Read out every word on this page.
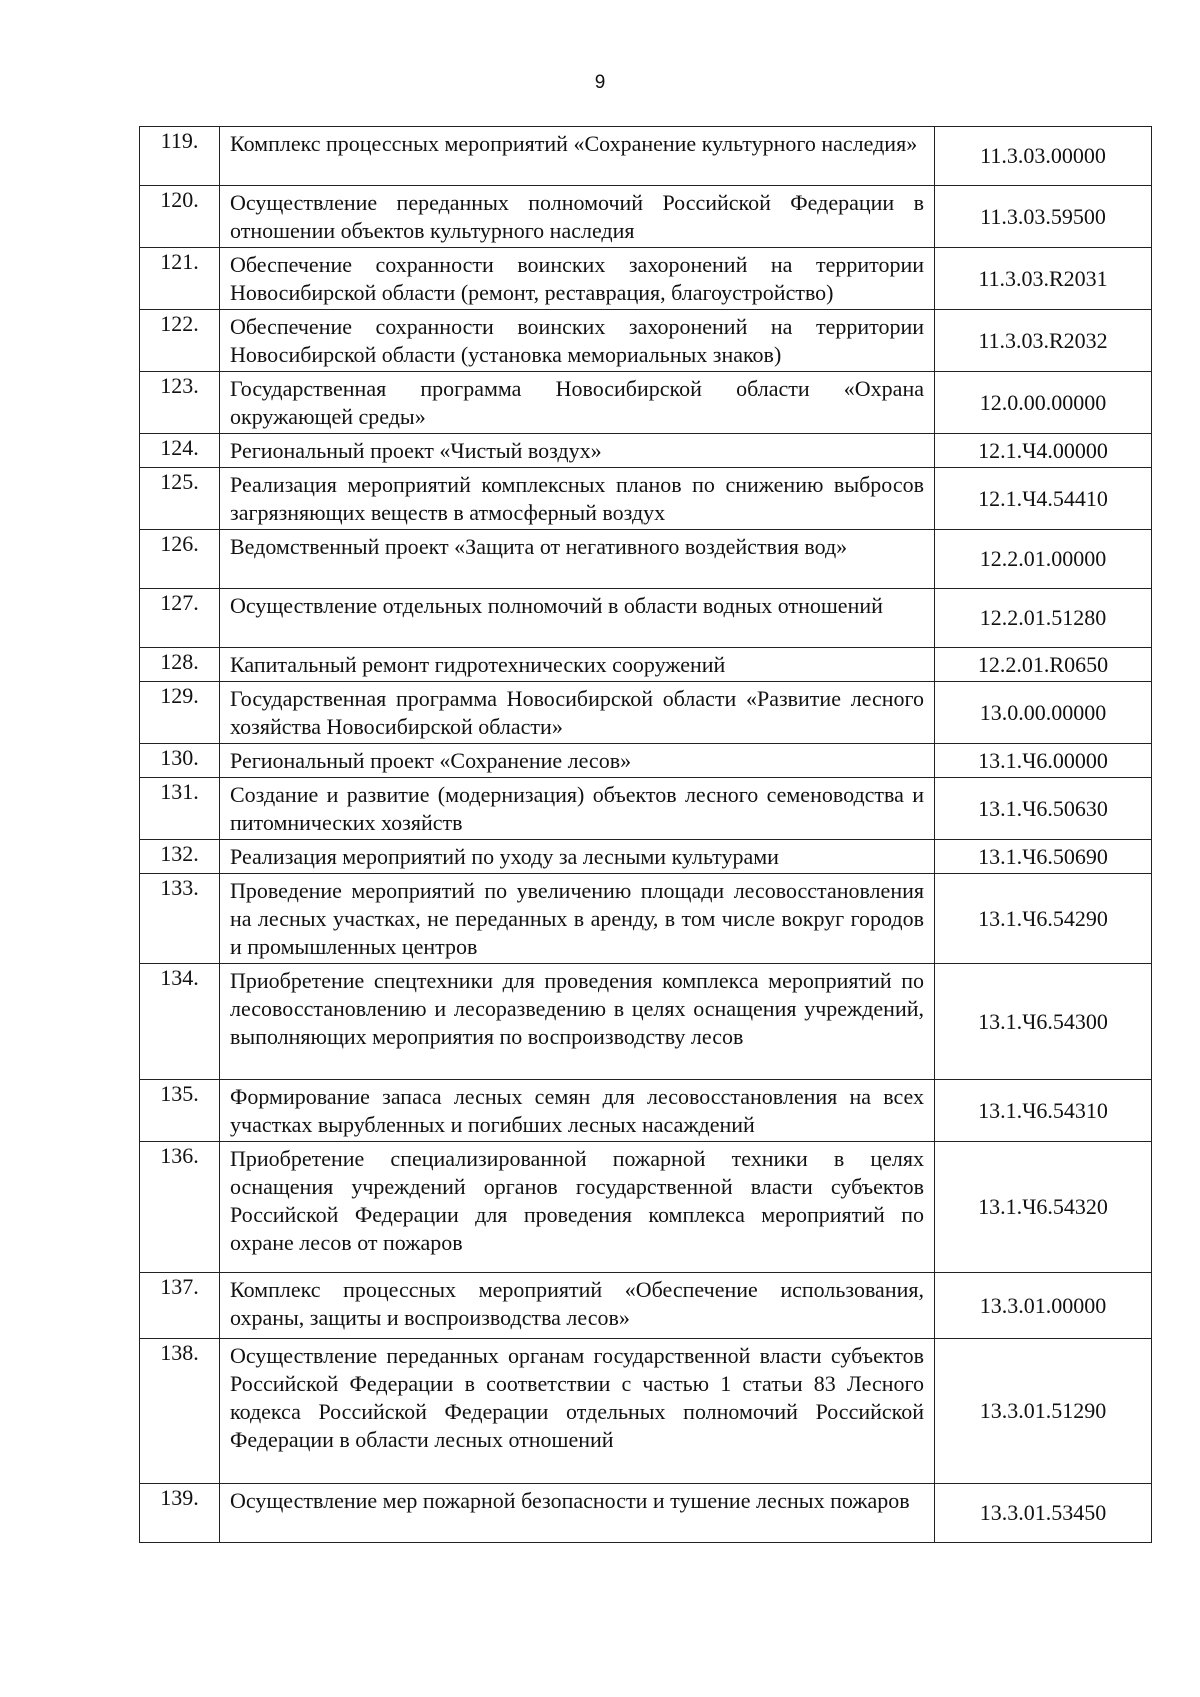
9
119.	Комплекс процессных мероприятий «Сохранение культурного наследия»	11.3.03.00000
120.	Осуществление переданных полномочий Российской Федерации в отношении объектов культурного наследия	11.3.03.59500
121.	Обеспечение сохранности воинских захоронений на территории Новосибирской области (ремонт, реставрация, благоустройство)	11.3.03.R2031
122.	Обеспечение сохранности воинских захоронений на территории Новосибирской области (установка мемориальных знаков)	11.3.03.R2032
123.	Государственная программа Новосибирской области «Охрана окружающей среды»	12.0.00.00000
124.	Региональный проект «Чистый воздух»	12.1.Ч4.00000
125.	Реализация мероприятий комплексных планов по снижению выбросов загрязняющих веществ в атмосферный воздух	12.1.Ч4.54410
126.	Ведомственный проект «Защита от негативного воздействия вод»	12.2.01.00000
127.	Осуществление отдельных полномочий в области водных отношений	12.2.01.51280
128.	Капитальный ремонт гидротехнических сооружений	12.2.01.R0650
129.	Государственная программа Новосибирской области «Развитие лесного хозяйства Новосибирской области»	13.0.00.00000
130.	Региональный проект «Сохранение лесов»	13.1.Ч6.00000
131.	Создание и развитие (модернизация) объектов лесного семеноводства и питомнических хозяйств	13.1.Ч6.50630
132.	Реализация мероприятий по уходу за лесными культурами	13.1.Ч6.50690
133.	Проведение мероприятий по увеличению площади лесовосстановления на лесных участках, не переданных в аренду, в том числе вокруг городов и промышленных центров	13.1.Ч6.54290
134.	Приобретение спецтехники для проведения комплекса мероприятий по лесовосстановлению и лесоразведению в целях оснащения учреждений, выполняющих мероприятия по воспроизводству лесов	13.1.Ч6.54300
135.	Формирование запаса лесных семян для лесовосстановления на всех участках вырубленных и погибших лесных насаждений	13.1.Ч6.54310
136.	Приобретение специализированной пожарной техники в целях оснащения учреждений органов государственной власти субъектов Российской Федерации для проведения комплекса мероприятий по охране лесов от пожаров	13.1.Ч6.54320
137.	Комплекс процессных мероприятий «Обеспечение использования, охраны, защиты и воспроизводства лесов»	13.3.01.00000
138.	Осуществление переданных органам государственной власти субъектов Российской Федерации в соответствии с частью 1 статьи 83 Лесного кодекса Российской Федерации отдельных полномочий Российской Федерации в области лесных отношений	13.3.01.51290
139.	Осуществление мер пожарной безопасности и тушение лесных пожаров	13.3.01.53450
